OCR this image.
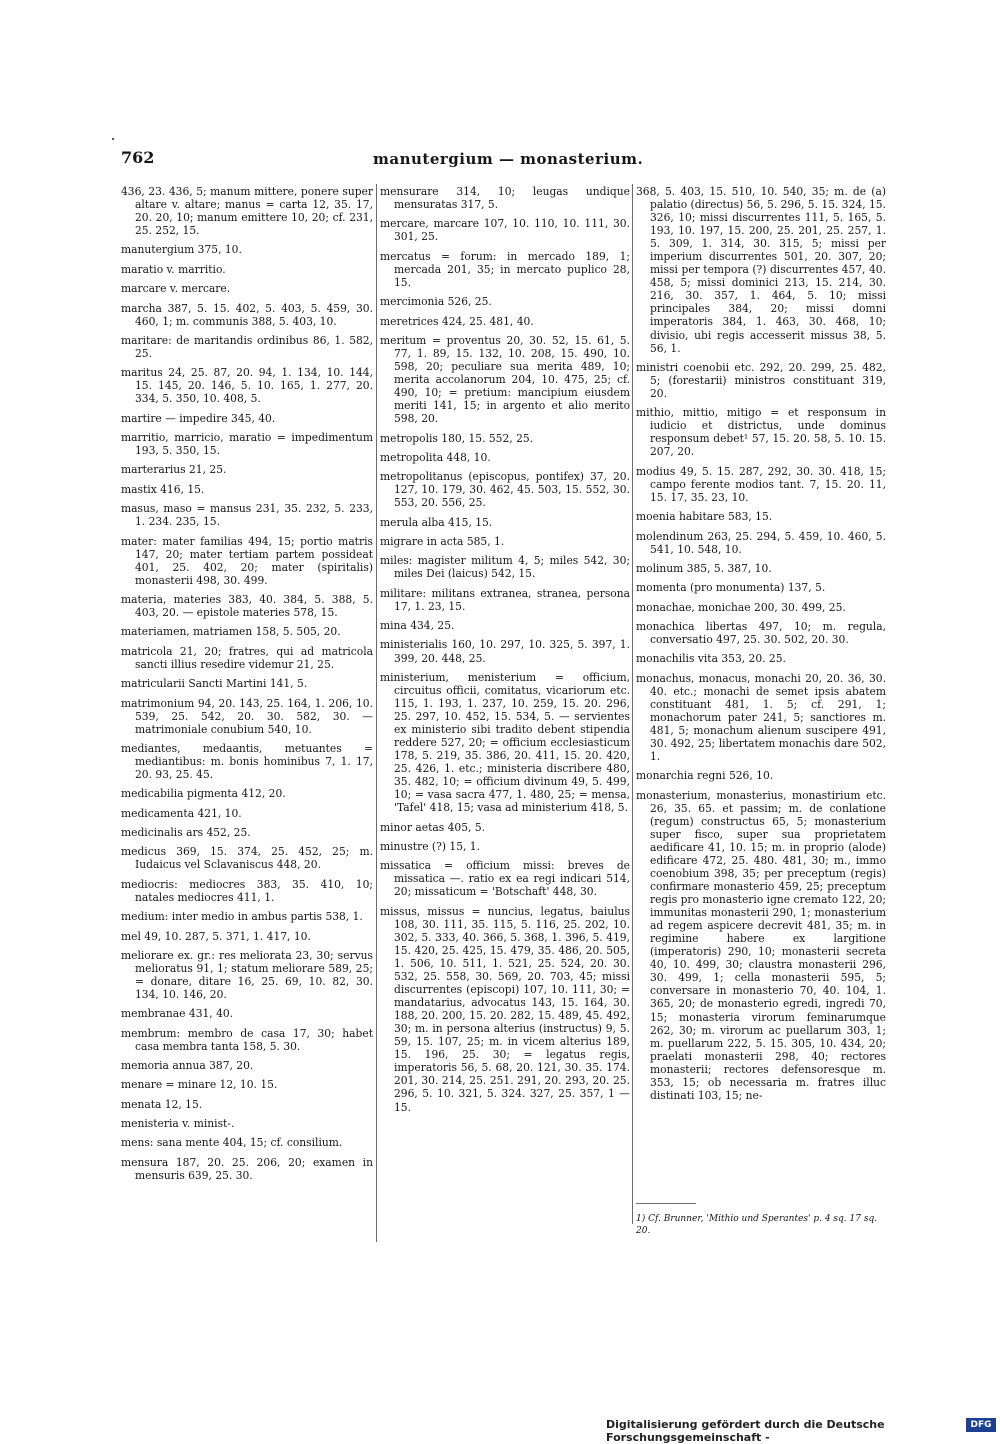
762	manutergium — monasterium.

436, 23. 436, 5; manum mittere, ponere super altare v. altare; manus = carta 12, 35. 17, 20. 20, 10; manum emittere 10, 20; cf. 231, 25. 252, 15.

manutergium 375, 10.

maratio v. marritio.

marcare v. mercare.

marcha 387, 5. 15. 402, 5. 403, 5. 459, 30. 460, 1; m. communis 388, 5. 403, 10.

maritare: de maritandis ordinibus 86, 1. 582, 25.

maritus 24, 25. 87, 20. 94, 1. 134, 10. 144, 15. 145, 20. 146, 5. 10. 165, 1. 277, 20. 334, 5. 350, 10. 408, 5.

martire — impedire 345, 40.

marritio, marricio, maratio = impedimentum 193, 5. 350, 15.

marterarius 21, 25.

mastix 416, 15.

masus, maso = mansus 231, 35. 232, 5. 233, 1. 234. 235, 15.

mater: mater familias 494, 15; portio matris 147, 20; mater tertiam partem possideat 401, 25. 402, 20; mater (spiritalis) monasterii 498, 30. 499.

materia, materies 383, 40. 384, 5. 388, 5. 403, 20. — epistole materies 578, 15.

materiamen, matriamen 158, 5. 505, 20.

matricola 21, 20; fratres, qui ad matricola sancti illius resedire videmur 21, 25.

matricularii Sancti Martini 141, 5.

matrimonium 94, 20. 143, 25. 164, 1. 206, 10. 539, 25. 542, 20. 30. 582, 30. — matrimoniale conubium 540, 10.

mediantes, medaantis, metuantes = mediantibus: m. bonis hominibus 7, 1. 17, 20. 93, 25. 45.

medicabilia pigmenta 412, 20.

medicamenta 421, 10.

medicinalis ars 452, 25.

medicus 369, 15. 374, 25. 452, 25; m. Iudaicus vel Sclavaniscus 448, 20.

mediocris: mediocres 383, 35. 410, 10; natales mediocres 411, 1.

medium: inter medio in ambus partis 538, 1.

mel 49, 10. 287, 5. 371, 1. 417, 10.

meliorare ex. gr.: res meliorata 23, 30; servus melioratus 91, 1; statum meliorare 589, 25; = donare, ditare 16, 25. 69, 10. 82, 30. 134, 10. 146, 20.

membranae 431, 40.

membrum: membro de casa 17, 30; habet casa membra tanta 158, 5. 30.

memoria annua 387, 20.

menare = minare 12, 10. 15.

menata 12, 15.

menisteria v. minist-.

mens: sana mente 404, 15; cf. consilium.

mensura 187, 20. 25. 206, 20; examen in mensuris 639, 25. 30.

mensurare 314, 10; leugas undique mensuratas 317, 5.

mercare, marcare 107, 10. 110, 10. 111, 30. 301, 25.

mercatus = forum: in mercado 189, 1; mercada 201, 35; in mercato puplico 28, 15.

mercimonia 526, 25.

meretrices 424, 25. 481, 40.

meritum = proventus 20, 30. 52, 15. 61, 5. 77, 1. 89, 15. 132, 10. 208, 15. 490, 10. 598, 20; peculiare sua merita 489, 10; merita accolanorum 204, 10. 475, 25; cf. 490, 10; = pretium: mancipium eiusdem meriti 141, 15; in argento et alio merito 598, 20.

metropolis 180, 15. 552, 25.

metropolita 448, 10.

metropolitanus (episcopus, pontifex) 37, 20. 127, 10. 179, 30. 462, 45. 503, 15. 552, 30. 553, 20. 556, 25.

merula alba 415, 15.

migrare in acta 585, 1.

miles: magister militum 4, 5; miles 542, 30; miles Dei (laicus) 542, 15.

militare: militans extranea, stranea, persona 17, 1. 23, 15.

mina 434, 25.

ministerialis 160, 10. 297, 10. 325, 5. 397, 1. 399, 20. 448, 25.

ministerium, menisterium = officium, circuitus officii, comitatus, vicariorum etc. 115, 1. 193, 1. 237, 10. 259, 15. 20. 296, 25. 297, 10. 452, 15. 534, 5. — servientes ex ministerio sibi tradito debent stipendia reddere 527, 20; = officium ecclesiasticum 178, 5. 219, 35. 386, 20. 411, 15. 20. 420, 25. 426, 1. etc.; ministeria discribere 480, 35. 482, 10; = officium divinum 49, 5. 499, 10; = vasa sacra 477, 1. 480, 25; = mensa, 'Tafel' 418, 15; vasa ad ministerium 418, 5.

minor aetas 405, 5.

minustre (?) 15, 1.

missatica = officium missi: breves de missatica —. ratio ex ea regi indicari 514, 20; missaticum = 'Botschaft' 448, 30.

missus, missus = nuncius, legatus, baiulus 108, 30. 111, 35. 115, 5. 116, 25. 202, 10. 302, 5. 333, 40. 366, 5. 368, 1. 396, 5. 419, 15. 420, 25. 425, 15. 479, 35. 486, 20. 505, 1. 506, 10. 511, 1. 521, 25. 524, 20. 30. 532, 25. 558, 30. 569, 20. 703, 45; missi discurrentes (episcopi) 107, 10. 111, 30; = mandatarius, advocatus 143, 15. 164, 30. 188, 20. 200, 15. 20. 282, 15. 489, 45. 492, 30; m. in persona alterius (instructus) 9, 5. 59, 15. 107, 25; m. in vicem alterius 189, 15. 196, 25. 30; = legatus regis, imperatoris 56, 5. 68, 20. 121, 30. 35. 174. 201, 30. 214, 25. 251. 291, 20. 293, 20. 25. 296, 5. 10. 321, 5. 324. 327, 25. 357, 1 — 15.

368, 5. 403, 15. 510, 10. 540, 35; m. de (a) palatio (directus) 56, 5. 296, 5. 15. 324, 15. 326, 10; missi discurrentes 111, 5. 165, 5. 193, 10. 197, 15. 200, 25. 201, 25. 257, 1. 5. 309, 1. 314, 30. 315, 5; missi per imperium discurrentes 501, 20. 307, 20; missi per tempora (?) discurrentes 457, 40. 458, 5; missi dominici 213, 15. 214, 30. 216, 30. 357, 1. 464, 5. 10; missi principales 384, 20; missi domni imperatoris 384, 1. 463, 30. 468, 10; divisio, ubi regis accesserit missus 38, 5. 56, 1.

ministri coenobii etc. 292, 20. 299, 25. 482, 5; (forestarii) ministros constituant 319, 20.

mithio, mittio, mitigo = et responsum in iudicio et districtus, unde dominus responsum debet¹ 57, 15. 20. 58, 5. 10. 15. 207, 20.

modius 49, 5. 15. 287, 292, 30. 30. 418, 15; campo ferente modios tant. 7, 15. 20. 11, 15. 17, 35. 23, 10.

moenia habitare 583, 15.

molendinum 263, 25. 294, 5. 459, 10. 460, 5. 541, 10. 548, 10.

molinum 385, 5. 387, 10.

momenta (pro monumenta) 137, 5.

monachae, monichae 200, 30. 499, 25.

monachica libertas 497, 10; m. regula, conversatio 497, 25. 30. 502, 20. 30.

monachilis vita 353, 20. 25.

monachus, monacus, monachi 20, 20. 36, 30. 40. etc.; monachi de semet ipsis abatem constituant 481, 1. 5; cf. 291, 1; monachorum pater 241, 5; sanctiores m. 481, 5; monachum alienum suscipere 491, 30. 492, 25; libertatem monachis dare 502, 1.

monarchia regni 526, 10.

monasterium, monasterius, monastirium etc. 26, 35. 65. et passim; m. de conlatione (regum) constructus 65, 5; monasterium super fisco, super sua proprietatem aedificare 41, 10. 15; m. in proprio (alode) edificare 472, 25. 480. 481, 30; m., immo coenobium 398, 35; per preceptum (regis) confirmare monasterio 459, 25; preceptum regis pro monasterio igne cremato 122, 20; immunitas monasterii 290, 1; monasterium ad regem aspicere decrevit 481, 35; m. in regimine habere ex largitione (imperatoris) 290, 10; monasterii secreta 40, 10. 499, 30; claustra monasterii 296, 30. 499, 1; cella monasterii 595, 5; conversare in monasterio 70, 40. 104, 1. 365, 20; de monasterio egredi, ingredi 70, 15; monasteria virorum feminarumque 262, 30; m. virorum ac puellarum 303, 1; m. puellarum 222, 5. 15. 305, 10. 434, 20; praelati monasterii 298, 40; rectores monasterii; rectores defensoresque m. 353, 15; ob necessaria m. fratres illuc distinati 103, 15; ne-

1) Cf. Brunner, 'Mithio und Sperantes' p. 4 sq. 17 sq. 20.
Digitalisierung gefördert durch die Deutsche Forschungsgemeinschaft -
DFG
